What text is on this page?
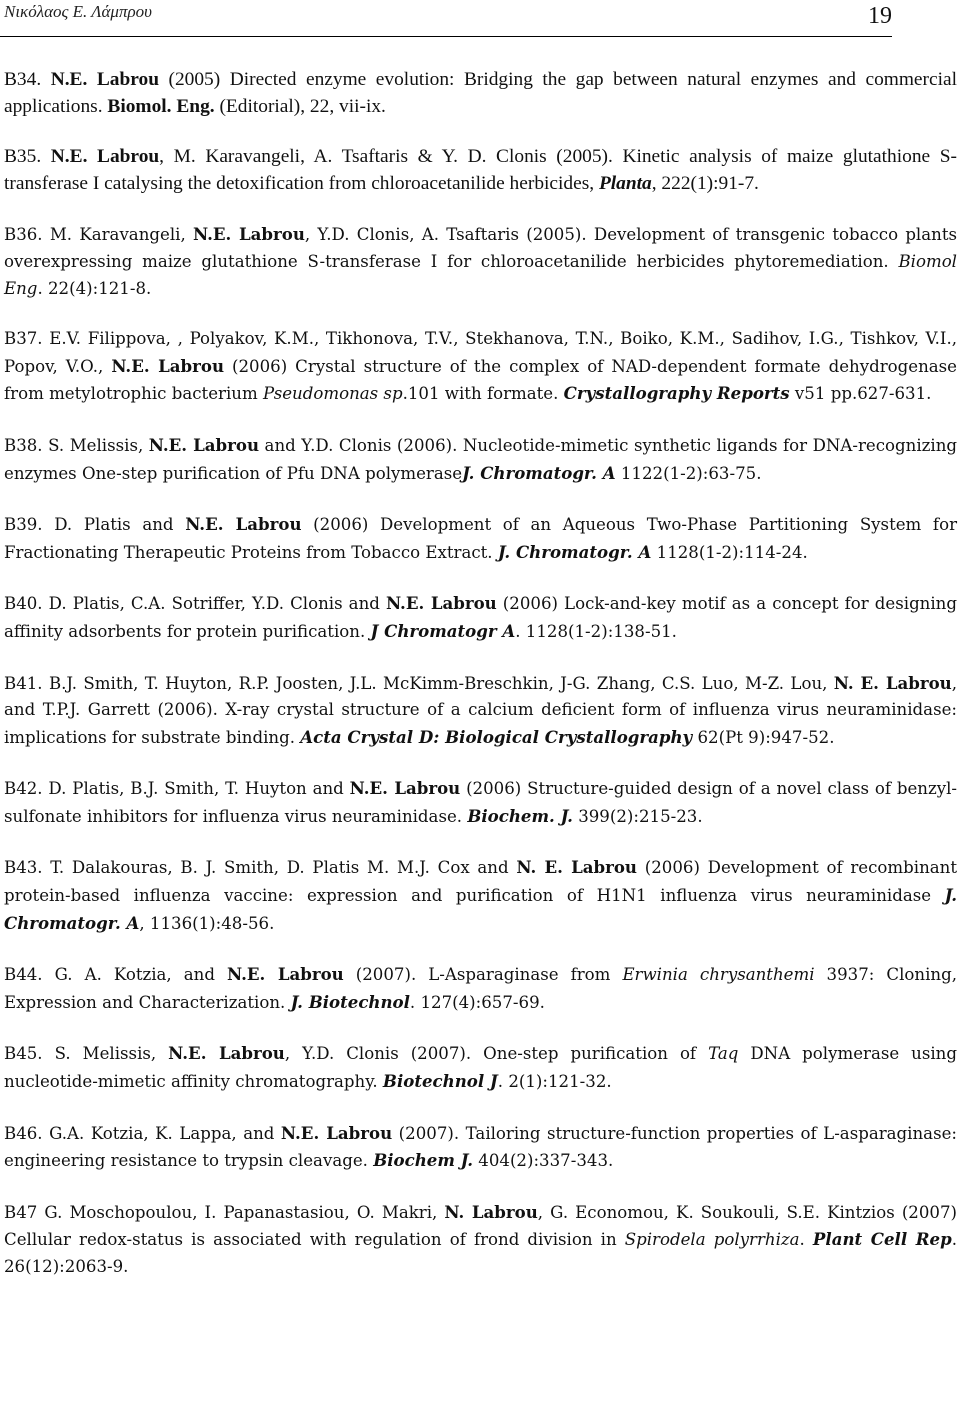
Νικόλαος Ε. Λάμπρου	19

B34. N.E. Labrou (2005) Directed enzyme evolution: Bridging the gap between natural enzymes and commercial applications. Biomol. Eng. (Editorial), 22, vii-ix.

B35. N.E. Labrou, M. Karavangeli, A. Tsaftaris & Y. D. Clonis (2005). Kinetic analysis of maize glutathione S-transferase I catalysing the detoxification from chloroacetanilide herbicides, Planta, 222(1):91-7.

B36. M. Karavangeli, N.E. Labrou, Y.D. Clonis, A. Tsaftaris (2005). Development of transgenic tobacco plants overexpressing maize glutathione S-transferase I for chloroacetanilide herbicides phytoremediation. Biomol Eng. 22(4):121-8.

B37. E.V. Filippova, , Polyakov, K.M., Tikhonova, T.V., Stekhanova, T.N., Boiko, K.M., Sadihov, I.G., Tishkov, V.I., Popov, V.O., N.E. Labrou (2006) Crystal structure of the complex of NAD-dependent formate dehydrogenase from metylotrophic bacterium Pseudomonas sp.101 with formate. Crystallography Reports v51 pp.627-631.

B38. S. Melissis, N.E. Labrou and Y.D. Clonis (2006). Nucleotide-mimetic synthetic ligands for DNA-recognizing enzymes One-step purification of Pfu DNA polymeraseJ. Chromatogr. A 1122(1-2):63-75.

B39. D. Platis and N.E. Labrou (2006) Development of an Aqueous Two-Phase Partitioning System for Fractionating Therapeutic Proteins from Tobacco Extract. J. Chromatogr. A 1128(1-2):114-24.

B40. D. Platis, C.A. Sotriffer, Y.D. Clonis and N.E. Labrou (2006) Lock-and-key motif as a concept for designing affinity adsorbents for protein purification. J Chromatogr A. 1128(1-2):138-51.

B41. B.J. Smith, T. Huyton, R.P. Joosten, J.L. McKimm-Breschkin, J-G. Zhang, C.S. Luo, M-Z. Lou, N. E. Labrou, and T.P.J. Garrett (2006). X-ray crystal structure of a calcium deficient form of influenza virus neuraminidase: implications for substrate binding. Acta Crystal D: Biological Crystallography 62(Pt 9):947-52.

B42. D. Platis, B.J. Smith, T. Huyton and N.E. Labrou (2006) Structure-guided design of a novel class of benzyl-sulfonate inhibitors for influenza virus neuraminidase. Biochem. J. 399(2):215-23.

B43. T. Dalakouras, B. J. Smith, D. Platis M. M.J. Cox and N. E. Labrou (2006) Development of recombinant protein-based influenza vaccine: expression and purification of H1N1 influenza virus neuraminidase J. Chromatogr. A, 1136(1):48-56.

B44. G. A. Kotzia, and N.E. Labrou (2007). L-Asparaginase from Erwinia chrysanthemi 3937: Cloning, Expression and Characterization. J. Biotechnol. 127(4):657-69.

B45. S. Melissis, N.E. Labrou, Y.D. Clonis (2007). One-step purification of Taq DNA polymerase using nucleotide-mimetic affinity chromatography. Biotechnol J. 2(1):121-32.

B46. G.A. Kotzia, K. Lappa, and N.E. Labrou (2007). Tailoring structure-function properties of L-asparaginase: engineering resistance to trypsin cleavage. Biochem J. 404(2):337-343.

B47 G. Moschopoulou, I. Papanastasiou, O. Makri, N. Labrou, G. Economou, K. Soukouli, S.E. Kintzios (2007) Cellular redox-status is associated with regulation of frond division in Spirodela polyrrhiza. Plant Cell Rep. 26(12):2063-9.
